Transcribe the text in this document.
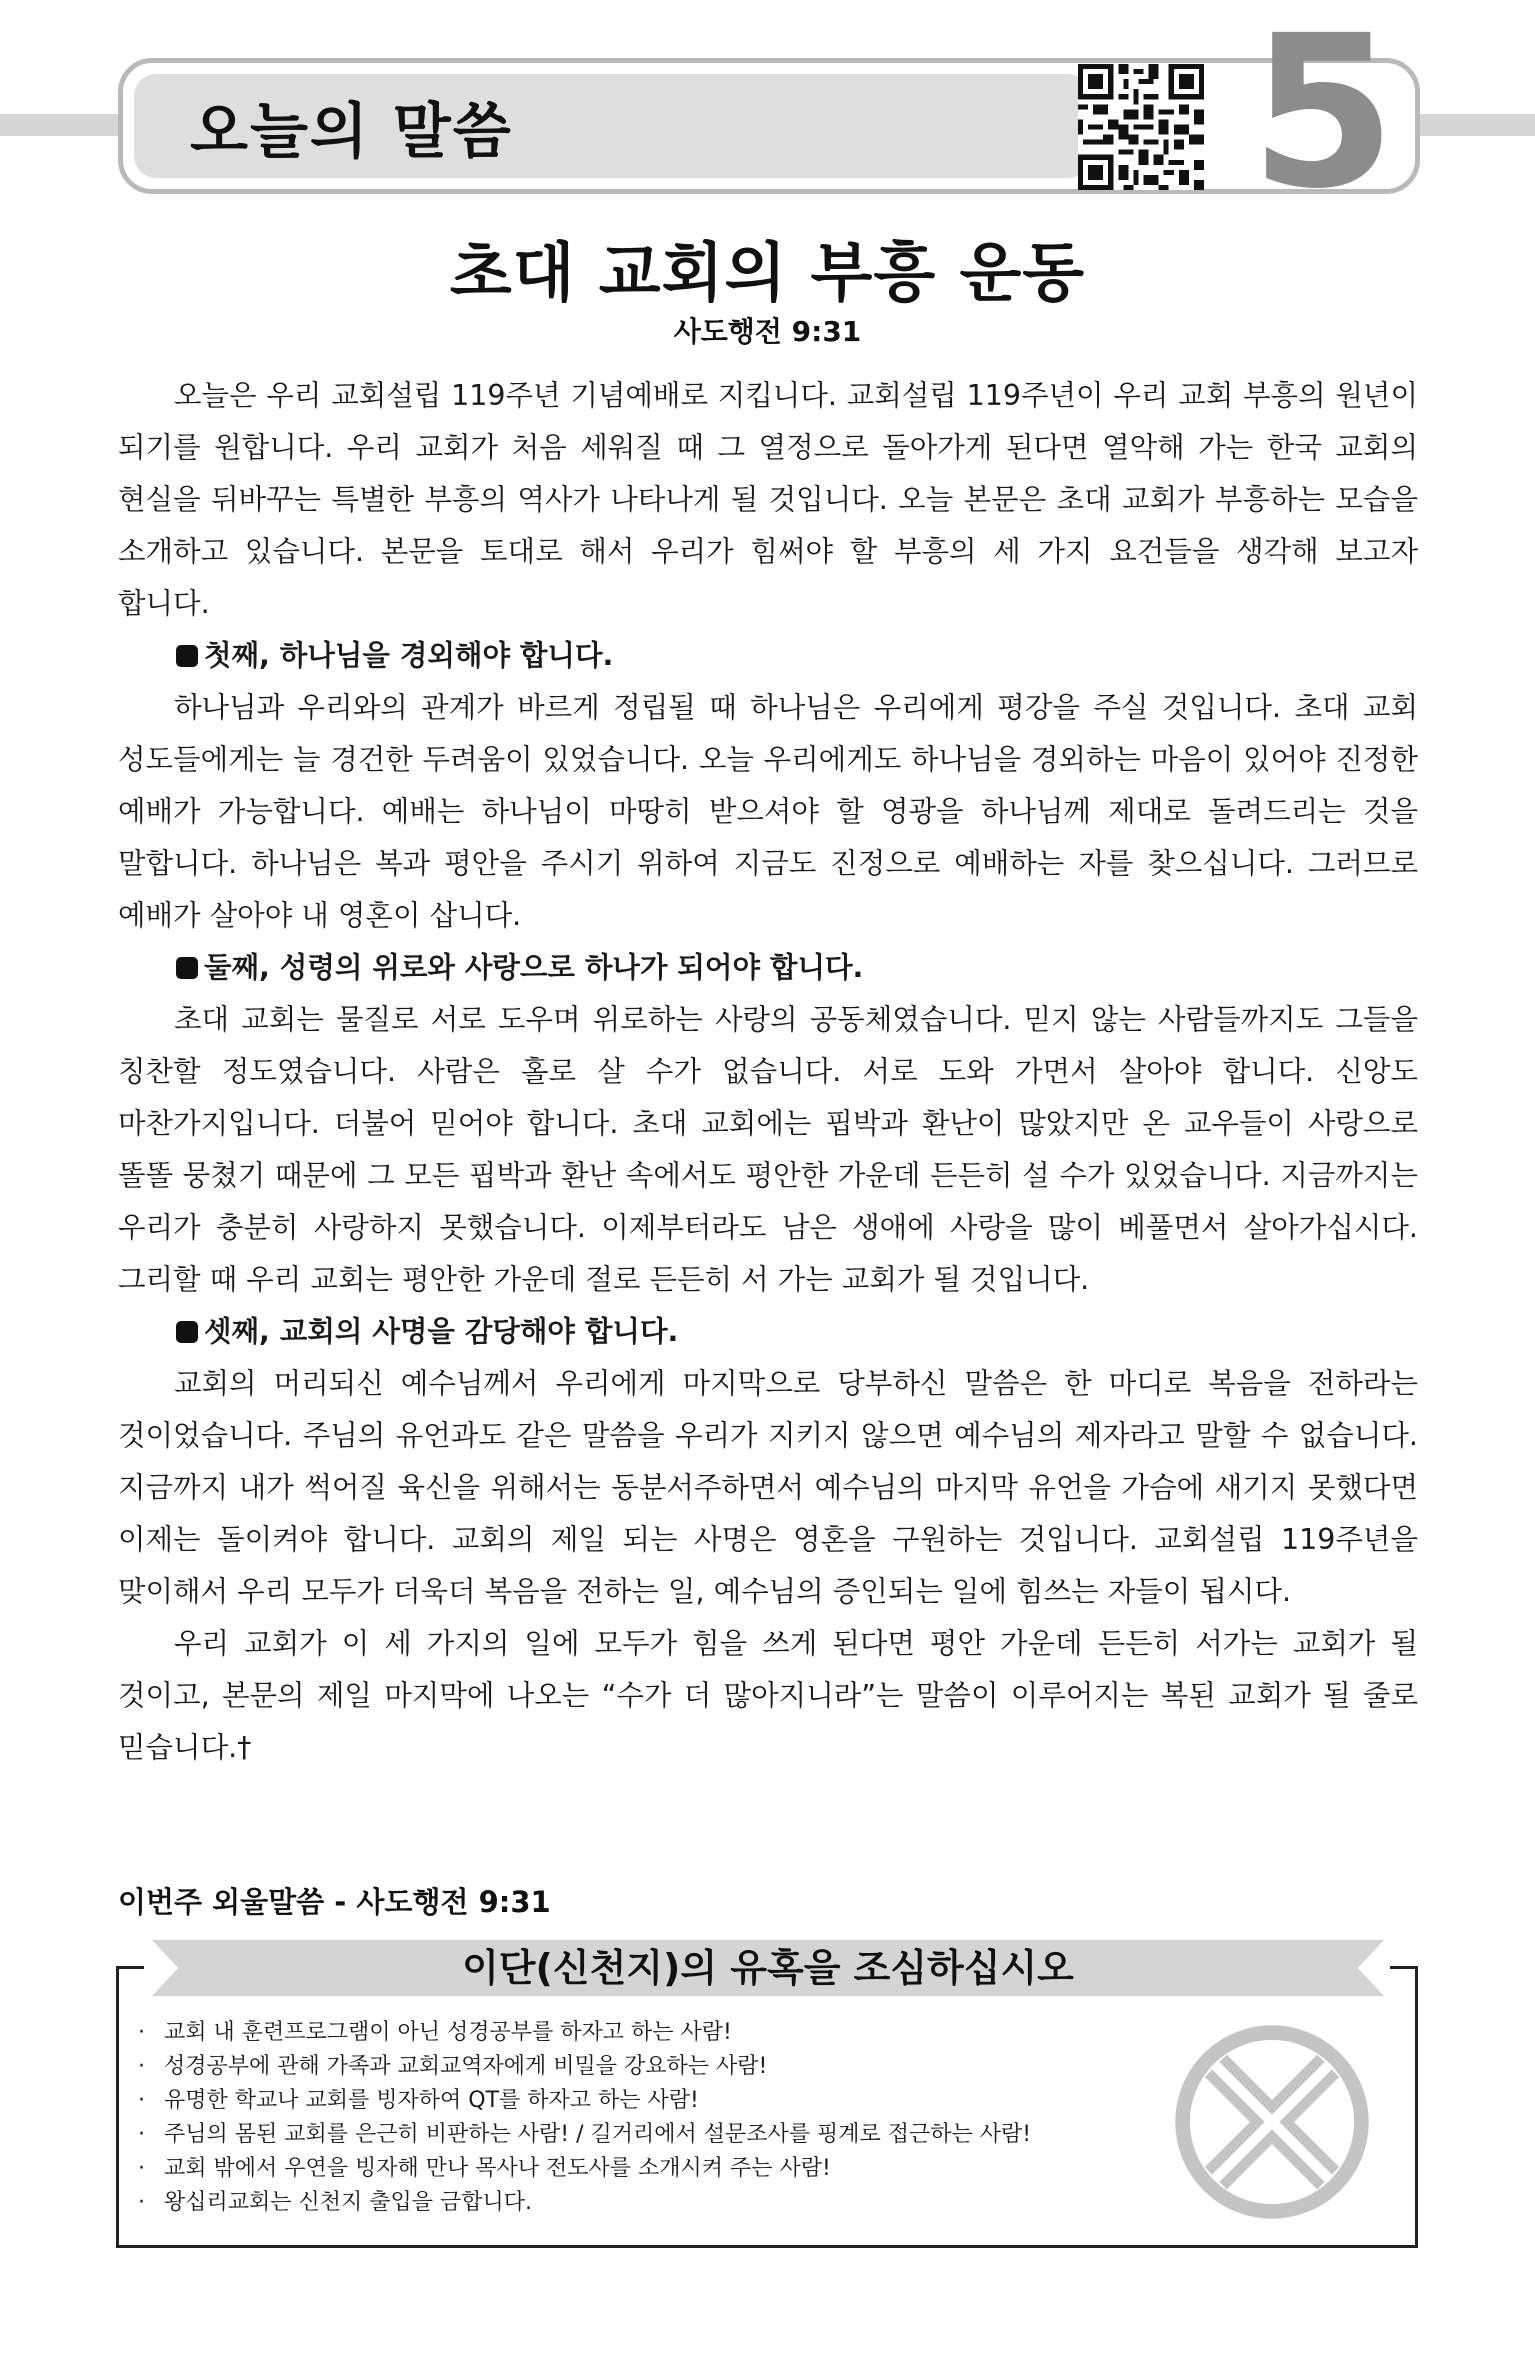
오늘의 말씀	5
초대 교회의 부흥 운동
사도행전 9:31

오늘은 우리 교회설립 119주년 기념예배로 지킵니다. 교회설립 119주년이 우리 교회 부흥의 원년이 되기를 원합니다. 우리 교회가 처음 세워질 때 그 열정으로 돌아가게 된다면 열악해 가는 한국 교회의 현실을 뒤바꾸는 특별한 부흥의 역사가 나타나게 될 것입니다. 오늘 본문은 초대 교회가 부흥하는 모습을 소개하고 있습니다. 본문을 토대로 해서 우리가 힘써야 할 부흥의 세 가지 요건들을 생각해 보고자 합니다.

첫째, 하나님을 경외해야 합니다.

하나님과 우리와의 관계가 바르게 정립될 때 하나님은 우리에게 평강을 주실 것입니다. 초대 교회 성도들에게는 늘 경건한 두려움이 있었습니다. 오늘 우리에게도 하나님을 경외하는 마음이 있어야 진정한 예배가 가능합니다. 예배는 하나님이 마땅히 받으셔야 할 영광을 하나님께 제대로 돌려드리는 것을 말합니다. 하나님은 복과 평안을 주시기 위하여 지금도 진정으로 예배하는 자를 찾으십니다. 그러므로 예배가 살아야 내 영혼이 삽니다.

둘째, 성령의 위로와 사랑으로 하나가 되어야 합니다.

초대 교회는 물질로 서로 도우며 위로하는 사랑의 공동체였습니다. 믿지 않는 사람들까지도 그들을 칭찬할 정도였습니다. 사람은 홀로 살 수가 없습니다. 서로 도와 가면서 살아야 합니다. 신앙도 마찬가지입니다. 더불어 믿어야 합니다. 초대 교회에는 핍박과 환난이 많았지만 온 교우들이 사랑으로 똘똘 뭉쳤기 때문에 그 모든 핍박과 환난 속에서도 평안한 가운데 든든히 설 수가 있었습니다. 지금까지는 우리가 충분히 사랑하지 못했습니다. 이제부터라도 남은 생애에 사랑을 많이 베풀면서 살아가십시다. 그리할 때 우리 교회는 평안한 가운데 절로 든든히 서 가는 교회가 될 것입니다.

셋째, 교회의 사명을 감당해야 합니다.

교회의 머리되신 예수님께서 우리에게 마지막으로 당부하신 말씀은 한 마디로 복음을 전하라는 것이었습니다. 주님의 유언과도 같은 말씀을 우리가 지키지 않으면 예수님의 제자라고 말할 수 없습니다. 지금까지 내가 썩어질 육신을 위해서는 동분서주하면서 예수님의 마지막 유언을 가슴에 새기지 못했다면 이제는 돌이켜야 합니다. 교회의 제일 되는 사명은 영혼을 구원하는 것입니다. 교회설립 119주년을 맞이해서 우리 모두가 더욱더 복음을 전하는 일, 예수님의 증인되는 일에 힘쓰는 자들이 됩시다.

우리 교회가 이 세 가지의 일에 모두가 힘을 쓰게 된다면 평안 가운데 든든히 서가는 교회가 될 것이고, 본문의 제일 마지막에 나오는 “수가 더 많아지니라”는 말씀이 이루어지는 복된 교회가 될 줄로 믿습니다.†

이번주 외울말씀 - 사도행전 9:31
이단(신천지)의 유혹을 조심하십시오
· 교회 내 훈련프로그램이 아닌 성경공부를 하자고 하는 사람!
· 성경공부에 관해 가족과 교회교역자에게 비밀을 강요하는 사람!
· 유명한 학교나 교회를 빙자하여 QT를 하자고 하는 사람!
· 주님의 몸된 교회를 은근히 비판하는 사람! / 길거리에서 설문조사를 핑계로 접근하는 사람!
· 교회 밖에서 우연을 빙자해 만나 목사나 전도사를 소개시켜 주는 사람!
· 왕십리교회는 신천지 출입을 금합니다.
